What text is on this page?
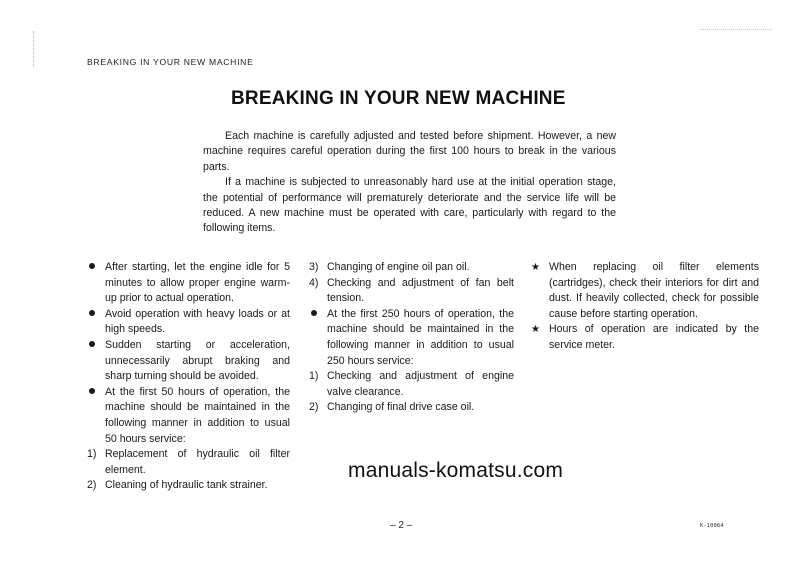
BREAKING IN YOUR NEW MACHINE
BREAKING IN YOUR NEW MACHINE

Each machine is carefully adjusted and tested before shipment. However, a new machine requires careful operation during the first 100 hours to break in the various parts.

If a machine is subjected to unreasonably hard use at the initial operation stage, the potential of performance will prematurely deteriorate and the service life will be reduced. A new machine must be operated with care, particularly with regard to the following items.

After starting, let the engine idle for 5 minutes to allow proper engine warm-up prior to actual operation.
Avoid operation with heavy loads or at high speeds.
Sudden starting or acceleration, unnecessarily abrupt braking and sharp turning should be avoided.
At the first 50 hours of operation, the machine should be maintained in the following manner in addition to usual 50 hours service:
1) Replacement of hydraulic oil filter element.
2) Cleaning of hydraulic tank strainer.
3) Changing of engine oil pan oil.
4) Checking and adjustment of fan belt tension.
At the first 250 hours of operation, the machine should be maintained in the following manner in addition to usual 250 hours service:
1) Checking and adjustment of engine valve clearance.
2) Changing of final drive case oil.
★ When replacing oil filter elements (cartridges), check their interiors for dirt and dust. If heavily collected, check for possible cause before starting operation.
★ Hours of operation are indicated by the service meter.
manuals-komatsu.com
– 2 –	K-10064
